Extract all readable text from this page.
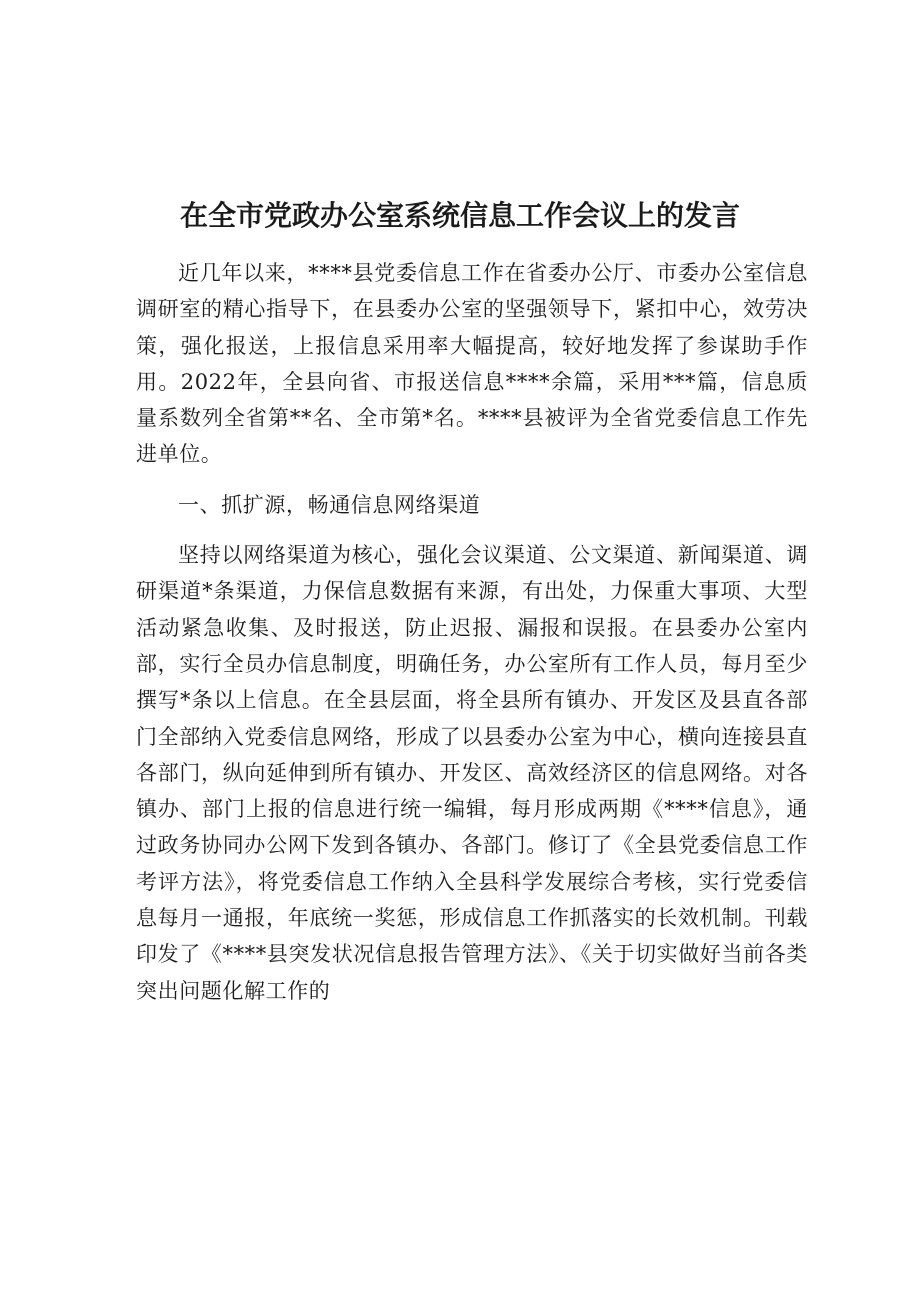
在全市党政办公室系统信息工作会议上的发言

近几年以来，****县党委信息工作在省委办公厅、市委办公室信息调研室的精心指导下，在县委办公室的坚强领导下，紧扣中心，效劳决策，强化报送，上报信息采用率大幅提高，较好地发挥了参谋助手作用。2022年，全县向省、市报送信息****余篇，采用***篇，信息质量系数列全省第**名、全市第*名。****县被评为全省党委信息工作先进单位。

一、抓扩源，畅通信息网络渠道

坚持以网络渠道为核心，强化会议渠道、公文渠道、新闻渠道、调研渠道*条渠道，力保信息数据有来源，有出处，力保重大事项、大型活动紧急收集、及时报送，防止迟报、漏报和误报。在县委办公室内部，实行全员办信息制度，明确任务，办公室所有工作人员，每月至少撰写*条以上信息。在全县层面，将全县所有镇办、开发区及县直各部门全部纳入党委信息网络，形成了以县委办公室为中心，横向连接县直各部门，纵向延伸到所有镇办、开发区、高效经济区的信息网络。对各镇办、部门上报的信息进行统一编辑，每月形成两期《****信息》，通过政务协同办公网下发到各镇办、各部门。修订了《全县党委信息工作考评方法》，将党委信息工作纳入全县科学发展综合考核，实行党委信息每月一通报，年底统一奖惩，形成信息工作抓落实的长效机制。刊载印发了《****县突发状况信息报告管理方法》、《关于切实做好当前各类突出问题化解工作的
